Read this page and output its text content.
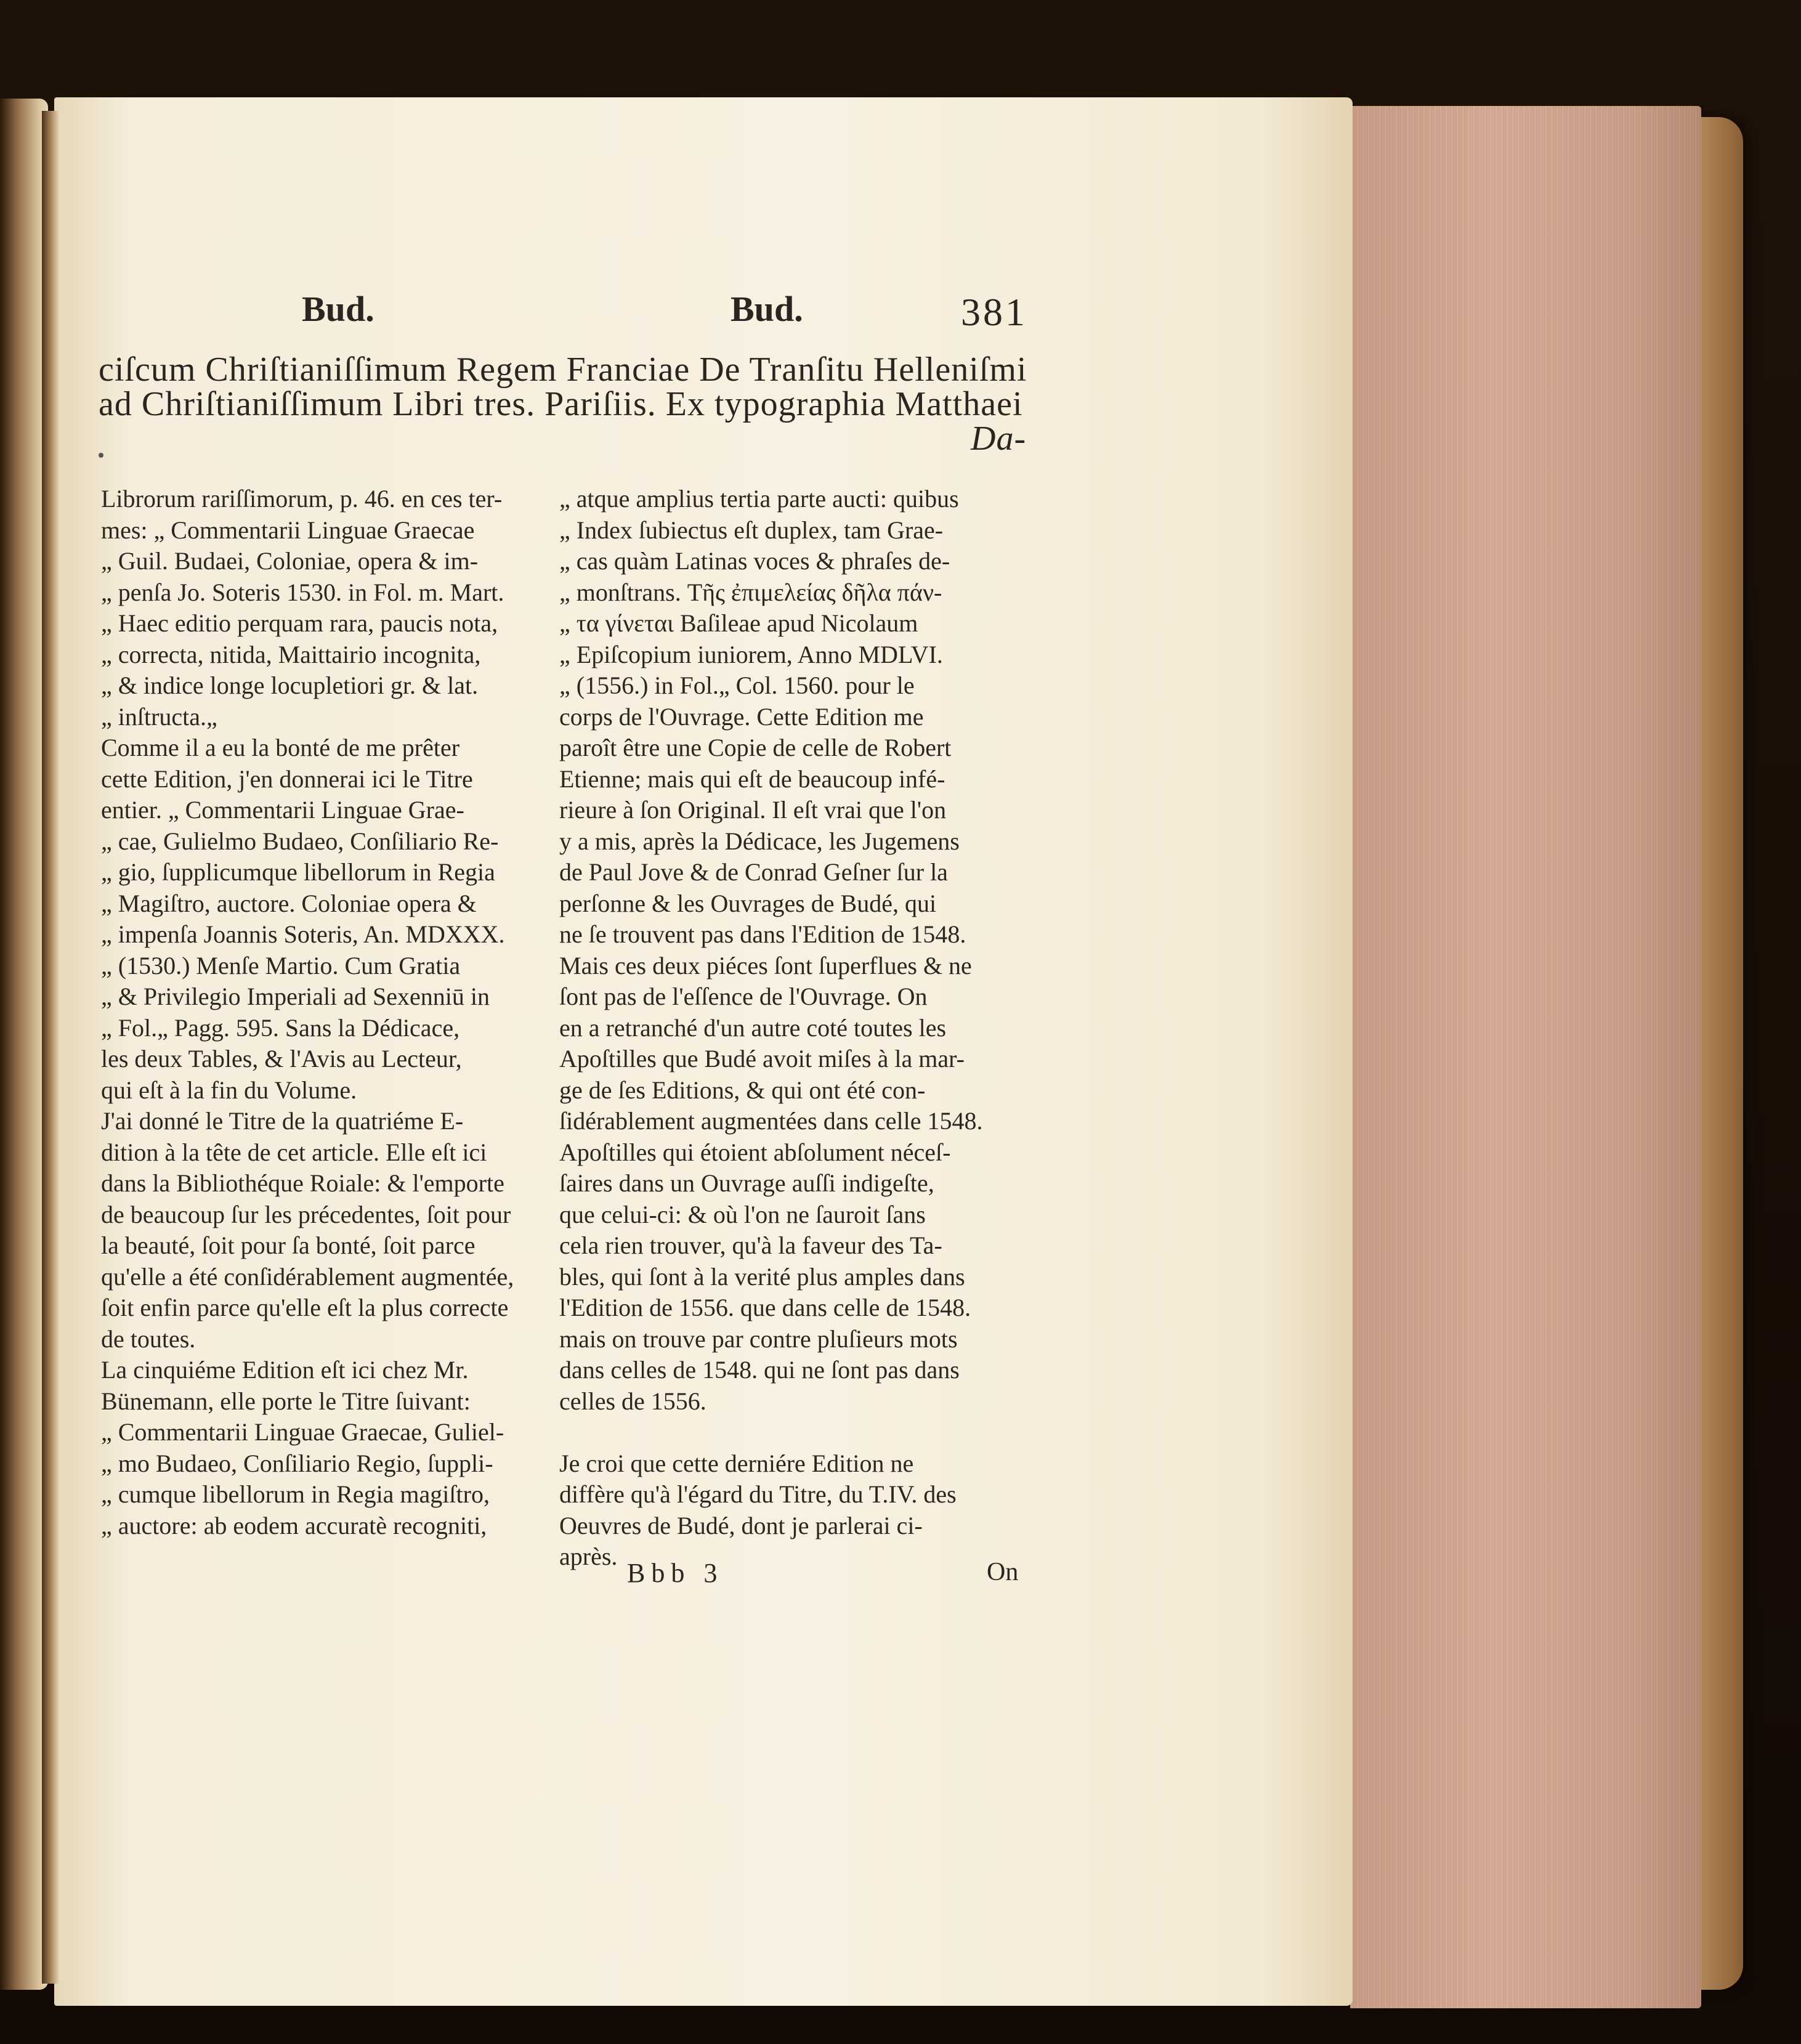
Bud.	Bud.	381
ciſcum Chriſtianiſſimum Regem Franciae De Tranſitu Helleniſmi
ad Chriſtianiſſimum Libri tres. Pariſiis. Ex typographia Matthaei
Da-
Librorum rariſſimorum, p. 46. en ces ter-
mes: „ Commentarii Linguae Graecae
„ Guil. Budaei, Coloniae, opera & im-
„ penſa Jo. Soteris 1530. in Fol. m. Mart.
„ Haec editio perquam rara, paucis nota,
„ correcta, nitida, Maittairio incognita,
„ & indice longe locupletiori gr. & lat.
„ inſtructa.„
Comme il a eu la bonté de me prêter
cette Edition, j'en donnerai ici le Titre
entier. „ Commentarii Linguae Grae-
„ cae, Gulielmo Budaeo, Conſiliario Re-
„ gio, ſupplicumque libellorum in Regia
„ Magiſtro, auctore. Coloniae opera &
„ impenſa Joannis Soteris, An. MDXXX.
„ (1530.) Menſe Martio. Cum Gratia
„ & Privilegio Imperiali ad Sexenniū in
„ Fol.„ Pagg. 595. Sans la Dédicace,
les deux Tables, & l'Avis au Lecteur,
qui eſt à la fin du Volume.
J'ai donné le Titre de la quatriéme E-
dition à la tête de cet article. Elle eſt ici
dans la Bibliothéque Roiale: & l'emporte
de beaucoup ſur les précedentes, ſoit pour
la beauté, ſoit pour ſa bonté, ſoit parce
qu'elle a été conſidérablement augmentée,
ſoit enfin parce qu'elle eſt la plus correcte
de toutes.
La cinquiéme Edition eſt ici chez Mr.
Bünemann, elle porte le Titre ſuivant:
„ Commentarii Linguae Graecae, Guliel-
„ mo Budaeo, Conſiliario Regio, ſuppli-
„ cumque libellorum in Regia magiſtro,
„ auctore: ab eodem accuratè recogniti,
„ atque amplius tertia parte aucti: quibus
„ Index ſubiectus eſt duplex, tam Grae-
„ cas quàm Latinas voces & phraſes de-
„ monſtrans. Τῆς ἐπιμελείας δῆλα πάν-
„ τα γίνεται Baſileae apud Nicolaum
„ Epiſcopium iuniorem, Anno MDLVI.
„ (1556.) in Fol.„ Col. 1560. pour le
corps de l'Ouvrage. Cette Edition me
paroît être une Copie de celle de Robert
Etienne; mais qui eſt de beaucoup infé-
rieure à ſon Original. Il eſt vrai que l'on
y a mis, après la Dédicace, les Jugemens
de Paul Jove & de Conrad Geſner ſur la
perſonne & les Ouvrages de Budé, qui
ne ſe trouvent pas dans l'Edition de 1548.
Mais ces deux piéces ſont ſuperflues & ne
ſont pas de l'eſſence de l'Ouvrage. On
en a retranché d'un autre coté toutes les
Apoſtilles que Budé avoit miſes à la mar-
ge de ſes Editions, & qui ont été con-
ſidérablement augmentées dans celle 1548.
Apoſtilles qui étoient abſolument néceſ-
ſaires dans un Ouvrage auſſi indigeſte,
que celui-ci: & où l'on ne ſauroit ſans
cela rien trouver, qu'à la faveur des Ta-
bles, qui ſont à la verité plus amples dans
l'Edition de 1556. que dans celle de 1548.
mais on trouve par contre pluſieurs mots
dans celles de 1548. qui ne ſont pas dans
celles de 1556.
Je croi que cette derniére Edition ne
diffère qu'à l'égard du Titre, du T.IV. des
Oeuvres de Budé, dont je parlerai ci-
après.
Bbb 3	On
